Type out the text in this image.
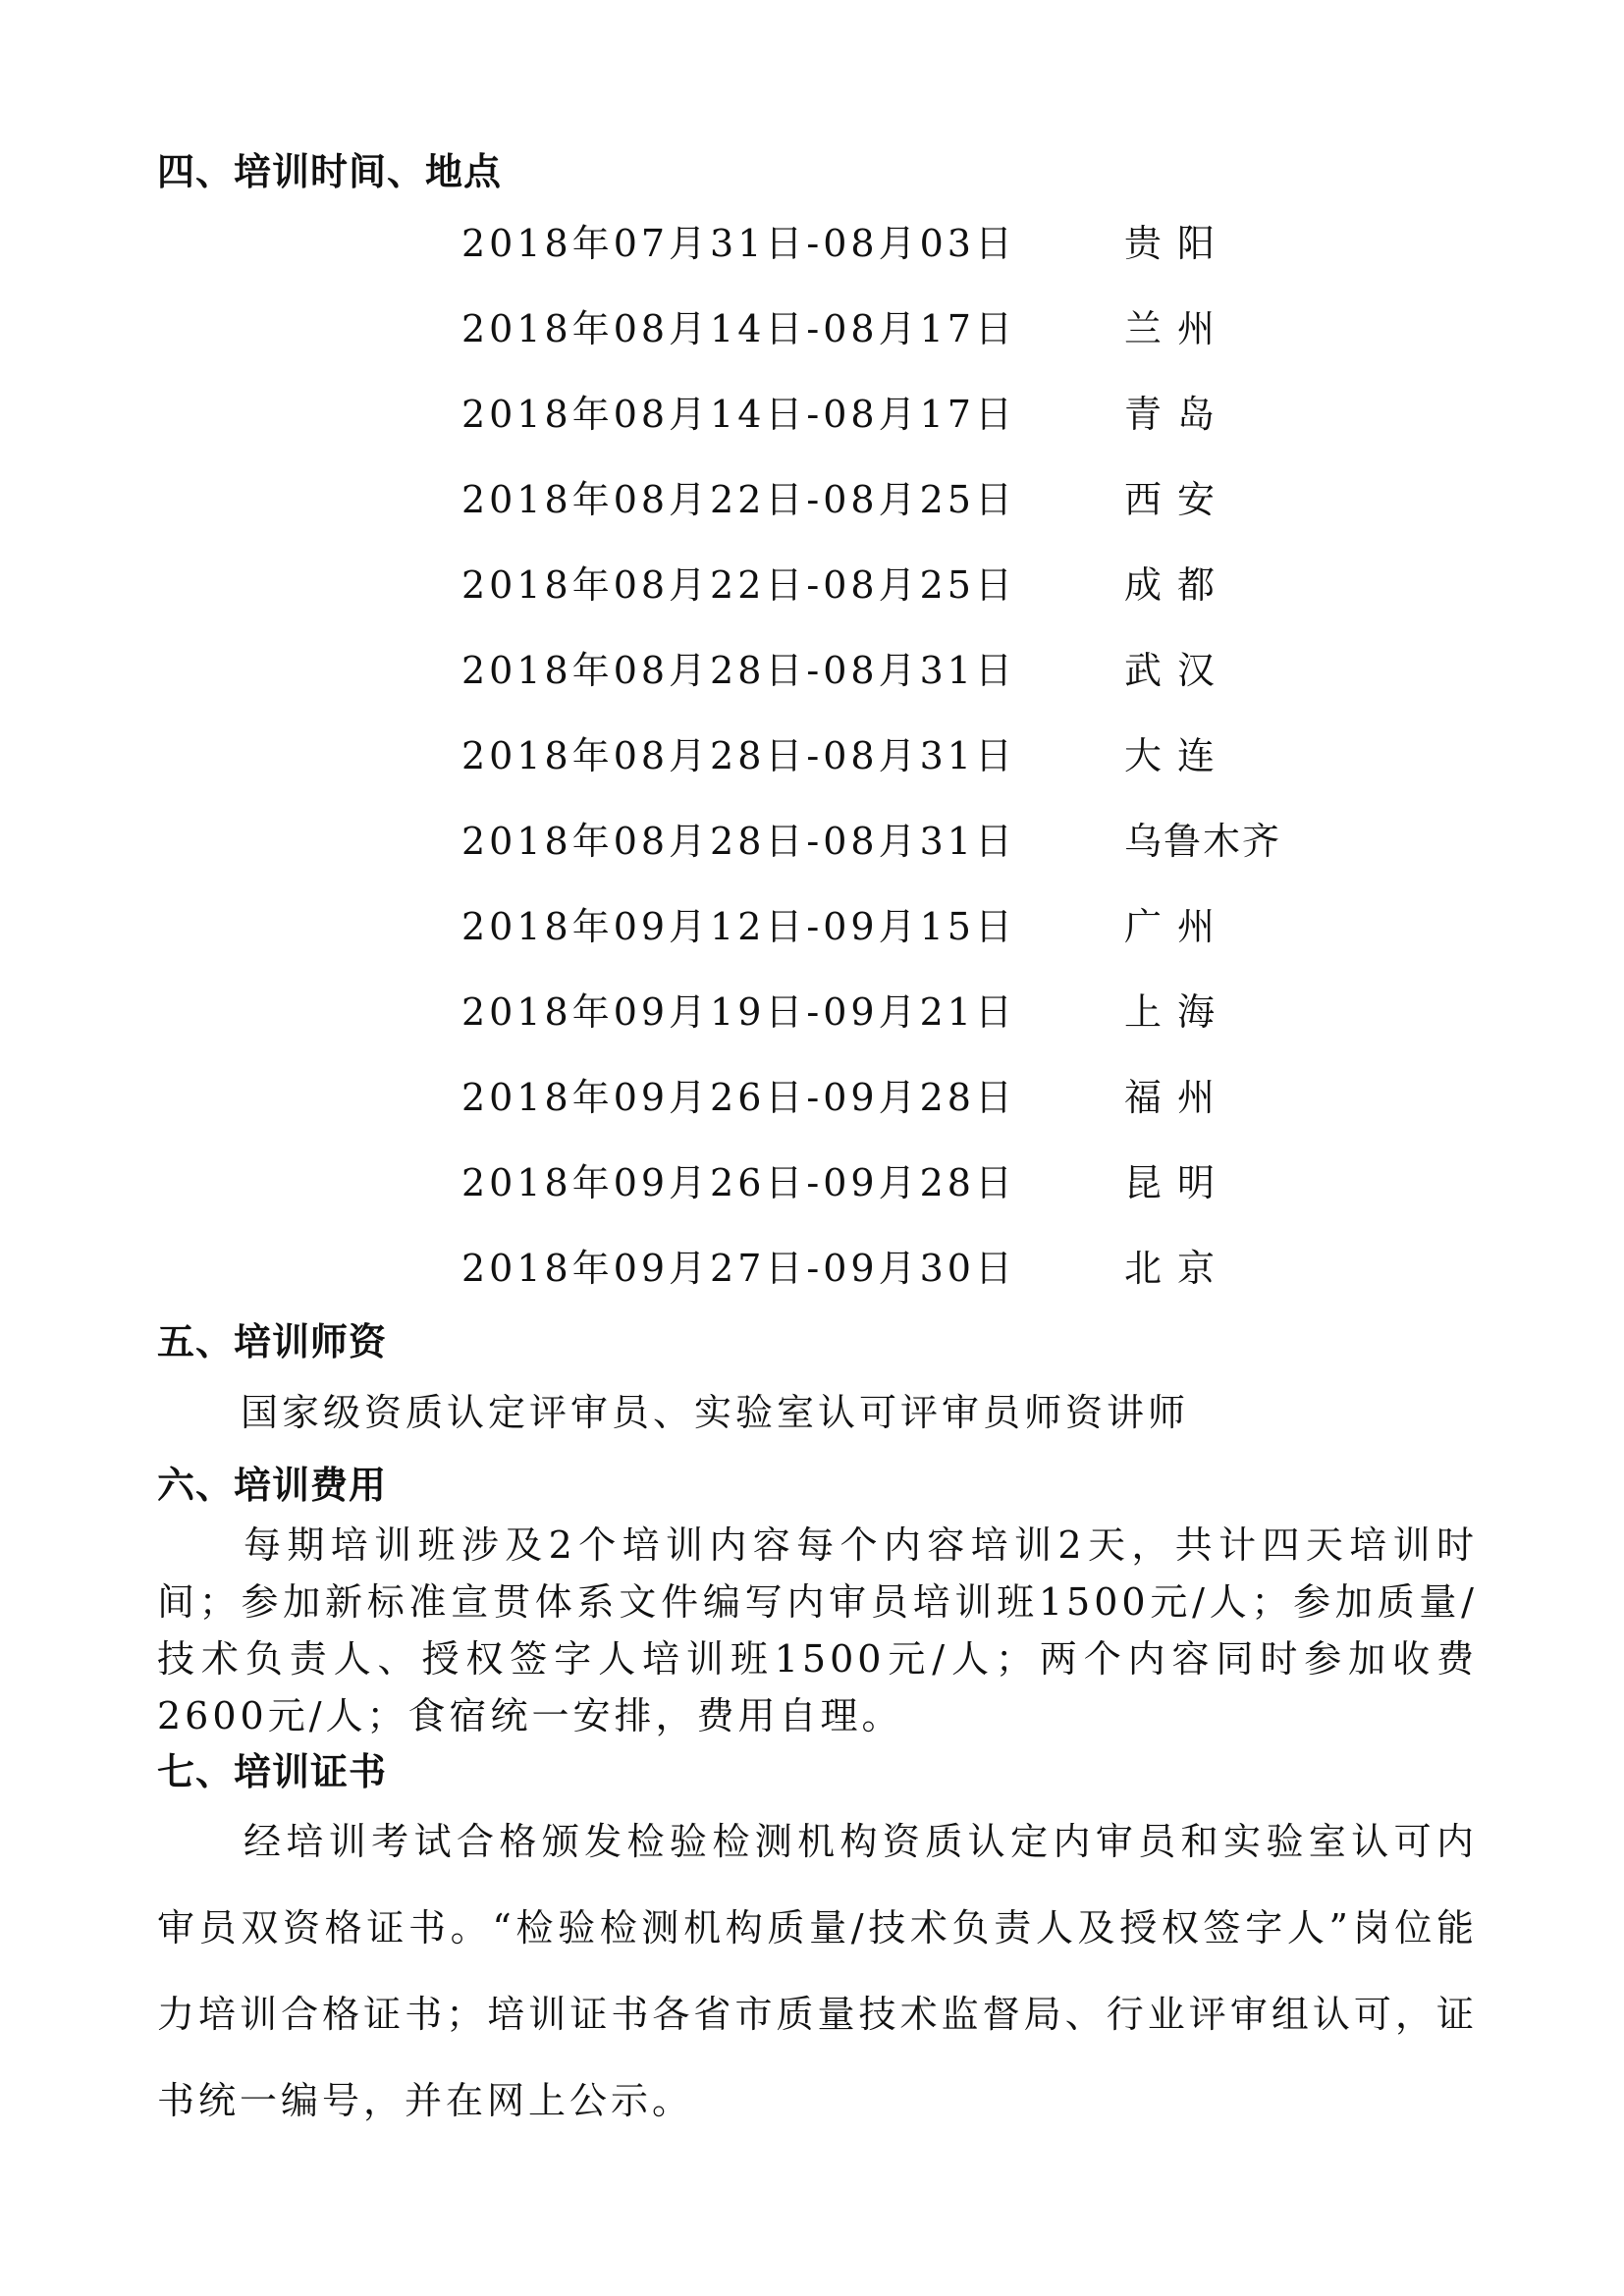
四、培训时间、地点
2018年07月31日-08月03日	贵阳
2018年08月14日-08月17日	兰州
2018年08月14日-08月17日	青岛
2018年08月22日-08月25日	西安
2018年08月22日-08月25日	成都
2018年08月28日-08月31日	武汉
2018年08月28日-08月31日	大连
2018年08月28日-08月31日	乌鲁木齐
2018年09月12日-09月15日	广州
2018年09月19日-09月21日	上海
2018年09月26日-09月28日	福州
2018年09月26日-09月28日	昆明
2018年09月27日-09月30日	北京
五、培训师资

国家级资质认定评审员、实验室认可评审员师资讲师

六、培训费用

每期培训班涉及2个培训内容每个内容培训2天，共计四天培训时间；参加新标准宣贯体系文件编写内审员培训班1500元/人；参加质量/技术负责人、授权签字人培训班1500元/人；两个内容同时参加收费2600元/人；食宿统一安排，费用自理。

七、培训证书

经培训考试合格颁发检验检测机构资质认定内审员和实验室认可内审员双资格证书。“检验检测机构质量/技术负责人及授权签字人”岗位能力培训合格证书；培训证书各省市质量技术监督局、行业评审组认可，证书统一编号，并在网上公示。
